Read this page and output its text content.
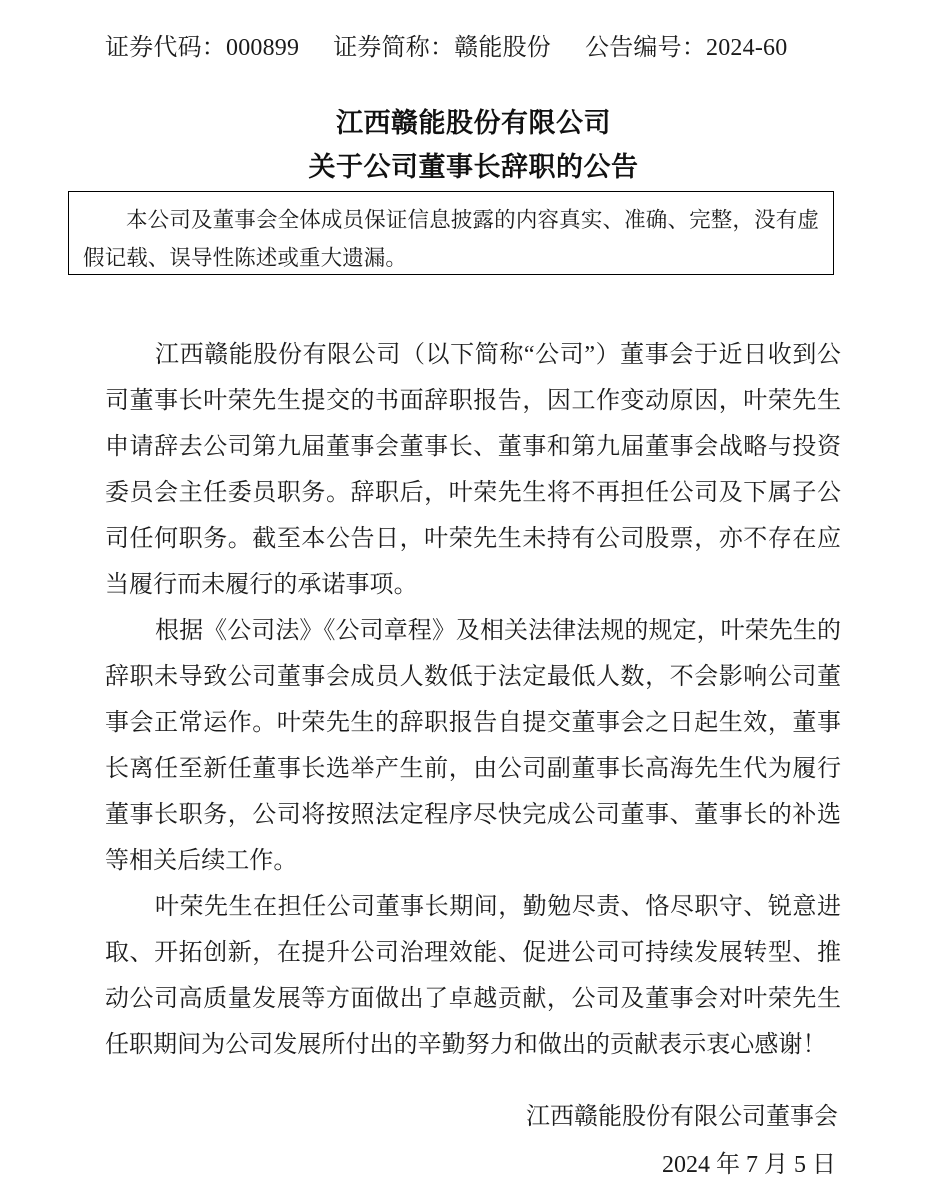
证券代码：000899 证券简称：赣能股份 公告编号：2024-60
江西赣能股份有限公司
关于公司董事长辞职的公告
本公司及董事会全体成员保证信息披露的内容真实、准确、完整，没有虚假记载、误导性陈述或重大遗漏。

江西赣能股份有限公司（以下简称“公司”）董事会于近日收到公司董事长叶荣先生提交的书面辞职报告，因工作变动原因，叶荣先生申请辞去公司第九届董事会董事长、董事和第九届董事会战略与投资委员会主任委员职务。辞职后，叶荣先生将不再担任公司及下属子公司任何职务。截至本公告日，叶荣先生未持有公司股票，亦不存在应当履行而未履行的承诺事项。

根据《公司法》《公司章程》及相关法律法规的规定，叶荣先生的辞职未导致公司董事会成员人数低于法定最低人数，不会影响公司董事会正常运作。叶荣先生的辞职报告自提交董事会之日起生效，董事长离任至新任董事长选举产生前，由公司副董事长高海先生代为履行董事长职务，公司将按照法定程序尽快完成公司董事、董事长的补选等相关后续工作。

叶荣先生在担任公司董事长期间，勤勉尽责、恪尽职守、锐意进取、开拓创新，在提升公司治理效能、促进公司可持续发展转型、推动公司高质量发展等方面做出了卓越贡献，公司及董事会对叶荣先生任职期间为公司发展所付出的辛勤努力和做出的贡献表示衷心感谢！

江西赣能股份有限公司董事会
2024 年 7 月 5 日
